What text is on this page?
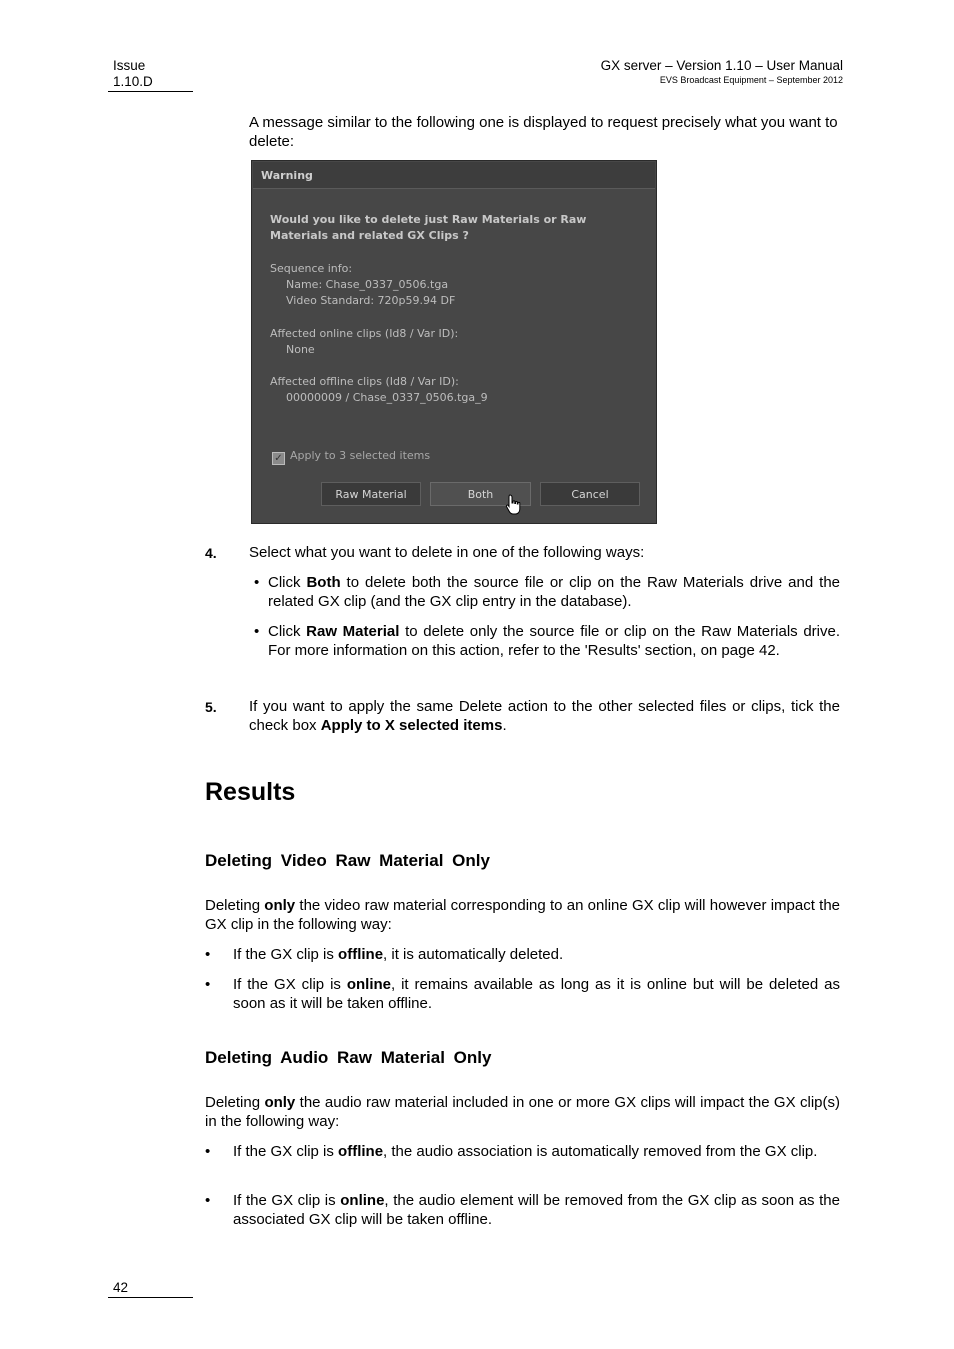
Issue
1.10.D
GX server – Version 1.10 – User Manual
EVS Broadcast Equipment – September 2012
A message similar to the following one is displayed to request precisely what you want to delete:
Warning
Would you like to delete just Raw Materials or Raw
Materials and related GX Clips ?
Sequence info:
Name: Chase_0337_0506.tga
Video Standard: 720p59.94 DF
Affected online clips (Id8 / Var ID):
None
Affected offline clips (Id8 / Var ID):
00000009 / Chase_0337_0506.tga_9
✓ Apply to 3 selected items
Raw Material	Both	Cancel
4. Select what you want to delete in one of the following ways:
• Click Both to delete both the source file or clip on the Raw Materials drive and the related GX clip (and the GX clip entry in the database).
• Click Raw Material to delete only the source file or clip on the Raw Materials drive. For more information on this action, refer to the 'Results' section, on page 42.
5. If you want to apply the same Delete action to the other selected files or clips, tick the check box Apply to X selected items.
Results
Deleting Video Raw Material Only
Deleting only the video raw material corresponding to an online GX clip will however impact the GX clip in the following way:
• If the GX clip is offline, it is automatically deleted.
• If the GX clip is online, it remains available as long as it is online but will be deleted as soon as it will be taken offline.
Deleting Audio Raw Material Only
Deleting only the audio raw material included in one or more GX clips will impact the GX clip(s) in the following way:
• If the GX clip is offline, the audio association is automatically removed from the GX clip.
• If the GX clip is online, the audio element will be removed from the GX clip as soon as the associated GX clip will be taken offline.
42
